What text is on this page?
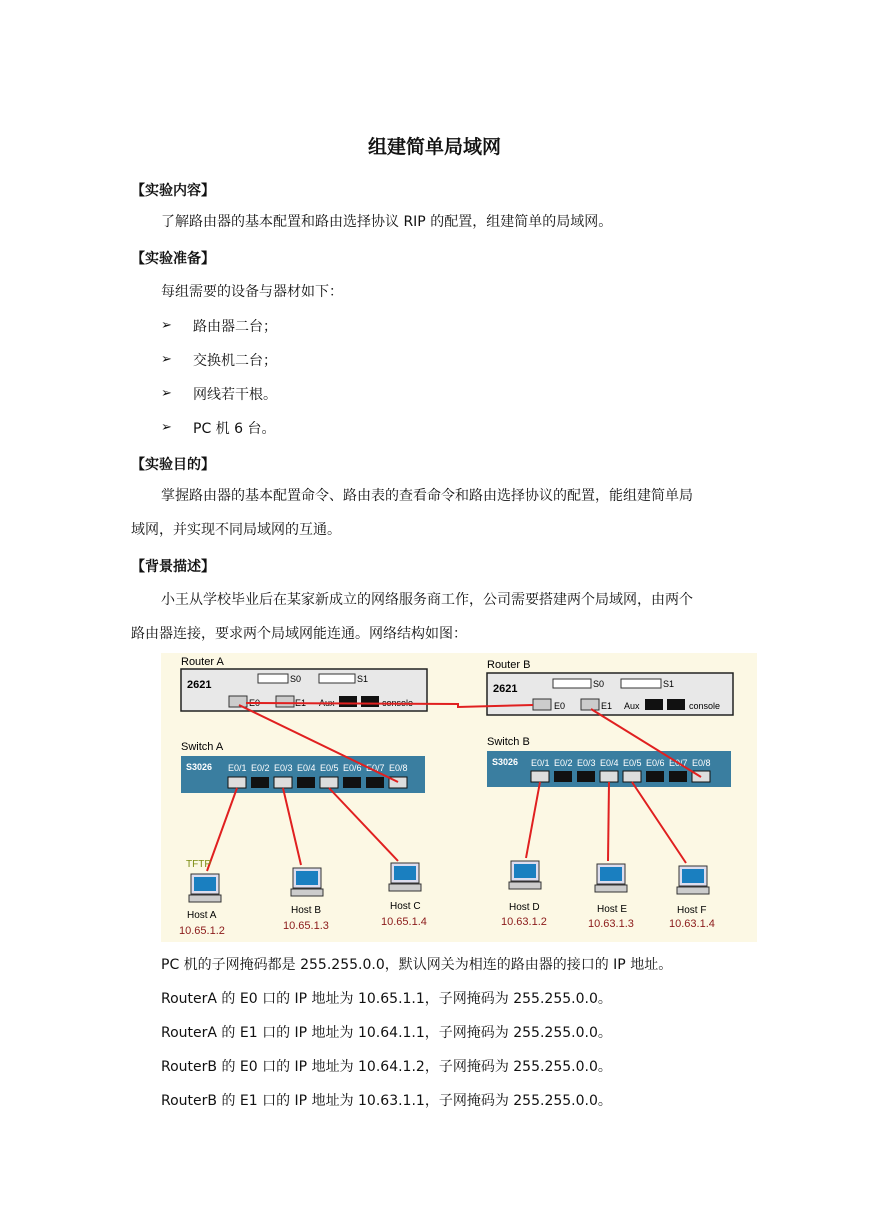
组建简单局域网
【实验内容】
了解路由器的基本配置和路由选择协议 RIP 的配置，组建简单的局域网。
【实验准备】
每组需要的设备与器材如下：
➢ 路由器二台；
➢ 交换机二台；
➢ 网线若干根。
➢ PC 机 6 台。
【实验目的】
掌握路由器的基本配置命令、路由表的查看命令和路由选择协议的配置，能组建简单局
域网，并实现不同局域网的互通。
【背景描述】
小王从学校毕业后在某家新成立的网络服务商工作，公司需要搭建两个局域网，由两个
路由器连接，要求两个局域网能连通。网络结构如图：
Router A
2621	S0	S1
E0	E1 Aux	console
Router B
2621	S0	S1
E0	E1 Aux	console
Switch A
S3026 E0/1 E0/2 E0/3 E0/4 E0/5 E0/6 E0/7 E0/8
Switch B
S3026 E0/1 E0/2 E0/3 E0/4 E0/5 E0/6 E0/7 E0/8
TFTP
Host A
10.65.1.2
Host B
10.65.1.3
Host C
10.65.1.4
Host D
10.63.1.2
Host E
10.63.1.3
Host F
10.63.1.4
PC 机的子网掩码都是 255.255.0.0，默认网关为相连的路由器的接口的 IP 地址。
RouterA 的 E0 口的 IP 地址为 10.65.1.1，子网掩码为 255.255.0.0。
RouterA 的 E1 口的 IP 地址为 10.64.1.1，子网掩码为 255.255.0.0。
RouterB 的 E0 口的 IP 地址为 10.64.1.2，子网掩码为 255.255.0.0。
RouterB 的 E1 口的 IP 地址为 10.63.1.1，子网掩码为 255.255.0.0。
